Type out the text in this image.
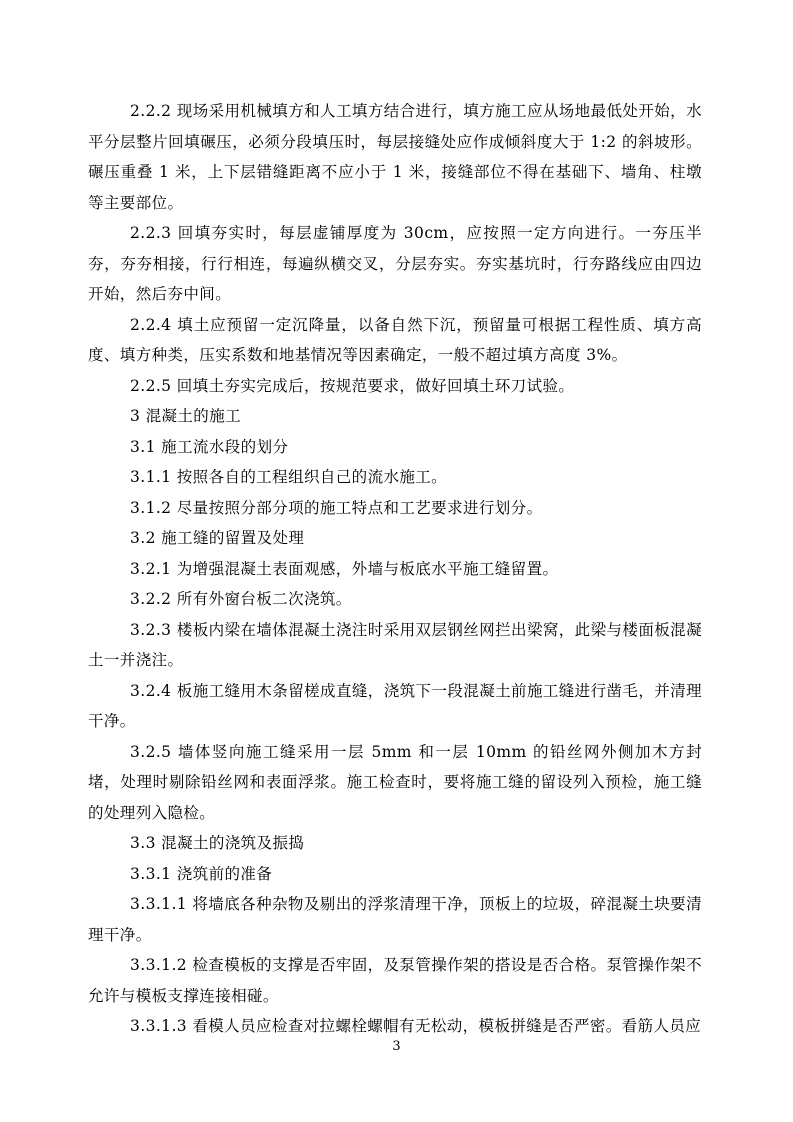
2.2.2 现场采用机械填方和人工填方结合进行，填方施工应从场地最低处开始，水平分层整片回填碾压，必须分段填压时，每层接缝处应作成倾斜度大于 1:2 的斜坡形。碾压重叠 1 米，上下层错缝距离不应小于 1 米，接缝部位不得在基础下、墙角、柱墩等主要部位。

2.2.3 回填夯实时，每层虚铺厚度为 30cm，应按照一定方向进行。一夯压半夯，夯夯相接，行行相连，每遍纵横交叉，分层夯实。夯实基坑时，行夯路线应由四边开始，然后夯中间。

2.2.4 填土应预留一定沉降量，以备自然下沉，预留量可根据工程性质、填方高度、填方种类，压实系数和地基情况等因素确定，一般不超过填方高度 3%。

2.2.5 回填土夯实完成后，按规范要求，做好回填土环刀试验。

3 混凝土的施工

3.1 施工流水段的划分

3.1.1 按照各自的工程组织自己的流水施工。

3.1.2 尽量按照分部分项的施工特点和工艺要求进行划分。

3.2 施工缝的留置及处理

3.2.1 为增强混凝土表面观感，外墙与板底水平施工缝留置。

3.2.2 所有外窗台板二次浇筑。

3.2.3 楼板内梁在墙体混凝土浇注时采用双层钢丝网拦出梁窝，此梁与楼面板混凝土一并浇注。

3.2.4 板施工缝用木条留槎成直缝，浇筑下一段混凝土前施工缝进行凿毛，并清理干净。

3.2.5 墙体竖向施工缝采用一层 5mm 和一层 10mm 的铅丝网外侧加木方封堵，处理时剔除铅丝网和表面浮浆。施工检查时，要将施工缝的留设列入预检，施工缝的处理列入隐检。

3.3 混凝土的浇筑及振捣

3.3.1 浇筑前的准备

3.3.1.1 将墙底各种杂物及剔出的浮浆清理干净，顶板上的垃圾，碎混凝土块要清理干净。

3.3.1.2 检查模板的支撑是否牢固，及泵管操作架的搭设是否合格。泵管操作架不允许与模板支撑连接相碰。

3.3.1.3 看模人员应检查对拉螺栓螺帽有无松动，模板拼缝是否严密。看筋人员应

3
